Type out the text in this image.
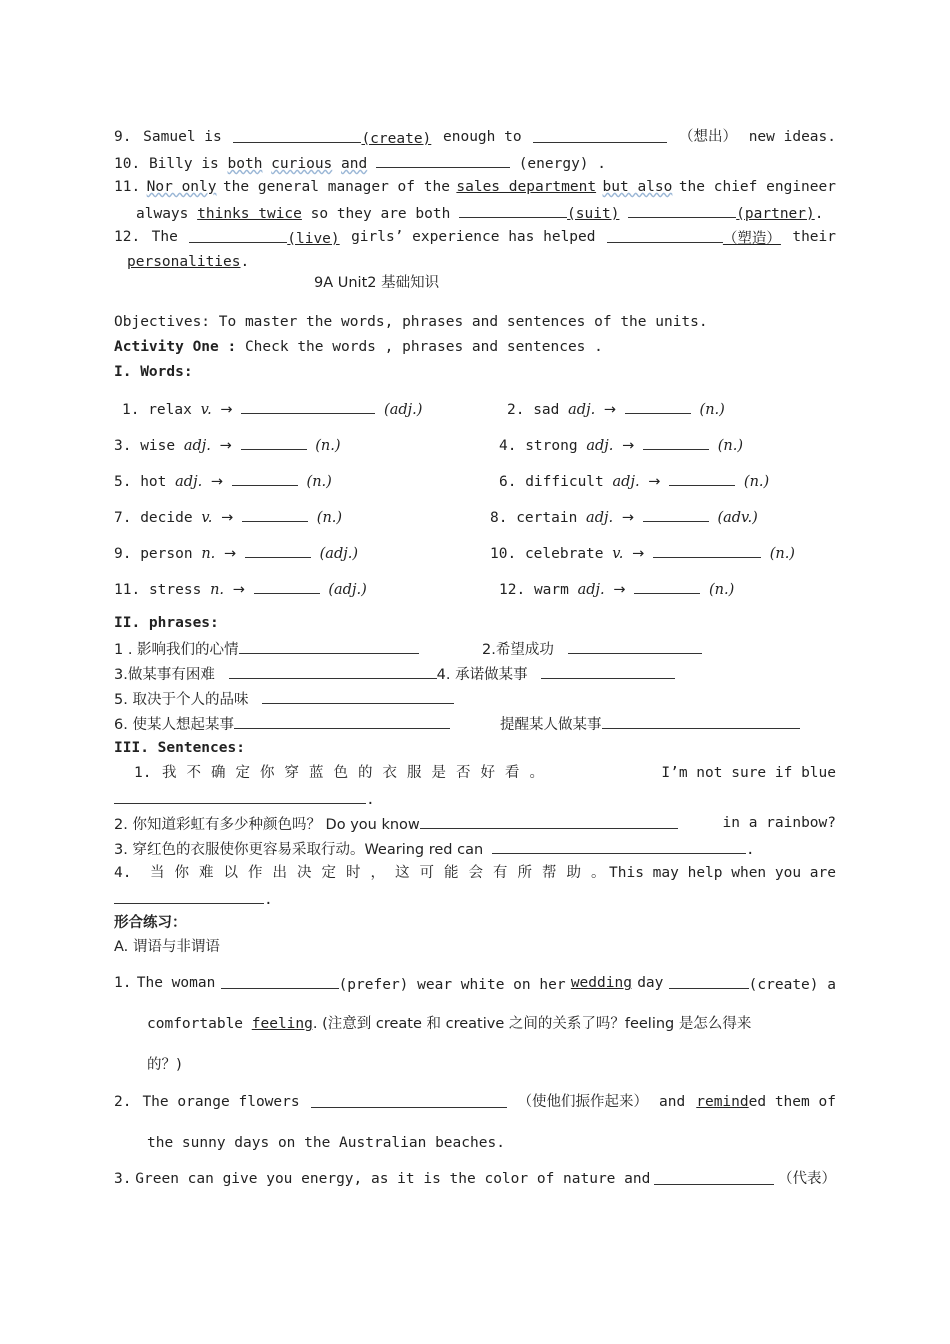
9. Samuel is	(create) enough to	（想出） new ideas.
10. Billy is both curious and	(energy) .
11. Nor only the general manager of the sales department but also the chief engineer
always thinks twice so they are both	(suit)	(partner).
12. The	(live) girls’ experience has helped	（塑造） their
personalities.
9A Unit2 基础知识
Objectives: To master the words, phrases and sentences of the units.
Activity One : Check the words , phrases and sentences .
I. Words:
1. relax v. →	(adj.)	2. sad adj. →	(n.)
3. wise adj. →	(n.)	4. strong adj. →	(n.)
5. hot adj. →	(n.)	6. difficult adj. →	(n.)
7. decide v. →	(n.)	8. certain adj. →	(adv.)
9. person n. →	(adj.)	10. celebrate v. →	(n.)
11. stress n. →	(adj.)	12. warm adj. →	(n.)
II. phrases:
1 . 影响我们的心情	2.希望成功
3.做某事有困难	4. 承诺做某事
5. 取决于个人的品味
6. 使某人想起某事	提醒某人做某事
III. Sentences:
1. 我不确定你穿蓝色的衣服是否好看。	I’m not sure if blue
.
2. 你知道彩虹有多少种颜色吗？ Do you know	in a rainbow?
3. 穿红色的衣服使你更容易采取行动。Wearing red can	.
4. 当你难以作出决定时，这可能会有所帮助。
This may help when you are
.
形合练习：
A. 谓语与非谓语
1. The woman	(prefer) wear white on her wedding day	(create) a
comfortable feeling. (注意到 create 和 creative 之间的关系了吗？feeling 是怎么得来
的？)
2. The orange flowers	（使他们振作起来） and reminded them of
the sunny days on the Australian beaches.
3. Green can give you energy, as it is the color of nature and	（代表）
